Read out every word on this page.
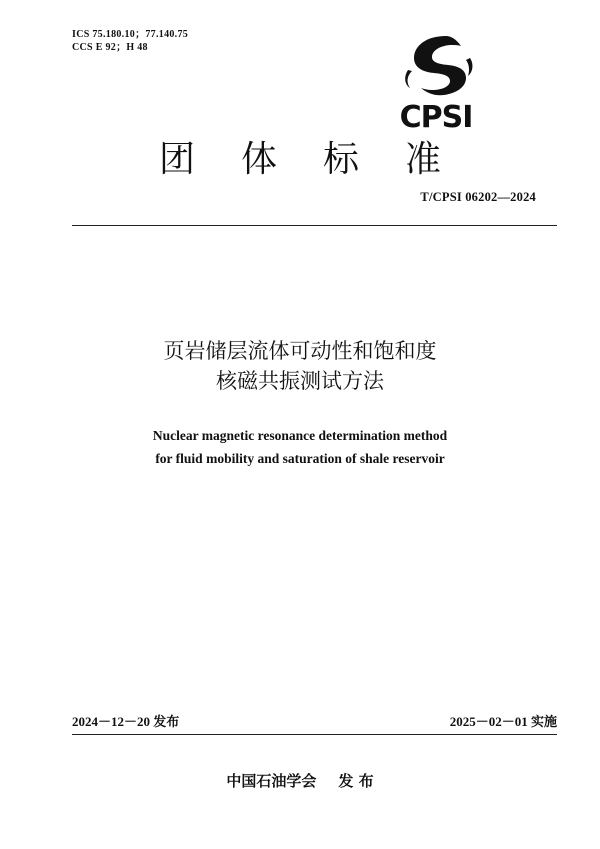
ICS 75.180.10；77.140.75
CCS E 92；H 48
CPSI
团体标准
T/CPSI 06202—2024
页岩储层流体可动性和饱和度
核磁共振测试方法
Nuclear magnetic resonance determination method
for fluid mobility and saturation of shale reservoir
2024－12－20 发布	2025－02－01 实施
中国石油学会 发 布
